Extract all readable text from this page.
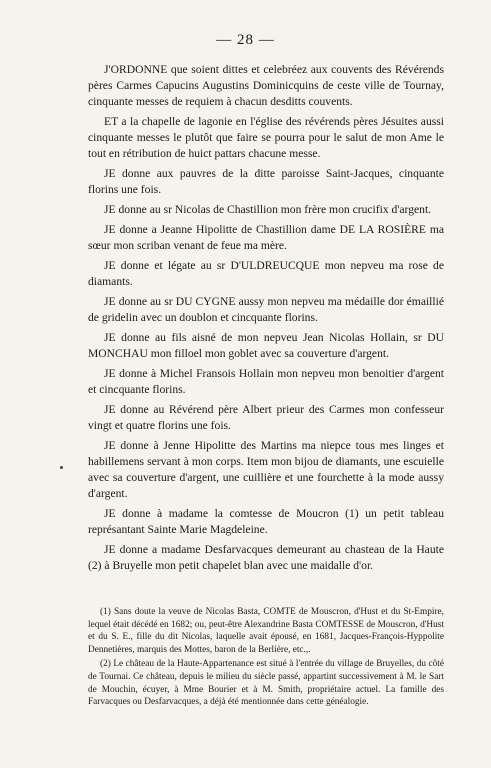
— 28 —

J'ORDONNE que soient dittes et celebréez aux couvents des Révérends pères Carmes Capucins Augustins Dominicquins de ceste ville de Tournay, cinquante messes de requiem à chacun desditts couvents.

ET a la chapelle de lagonie en l'église des révérends pères Jésuites aussi cinquante messes le plutôt que faire se pourra pour le salut de mon Ame le tout en rétribution de huict pattars chacune messe.

JE donne aux pauvres de la ditte paroisse Saint-Jacques, cinquante florins une fois.

JE donne au sr Nicolas de Chastillion mon frère mon crucifix d'argent.

JE donne a Jeanne Hipolitte de Chastillion dame DE LA ROSIÈRE ma sœur mon scriban venant de feue ma mère.

JE donne et légate au sr D'ULDREUCQUE mon nepveu ma rose de diamants.

JE donne au sr DU CYGNE aussy mon nepveu ma médaille dor émaillié de gridelin avec un doublon et cincquante florins.

JE donne au fils aisné de mon nepveu Jean Nicolas Hollain, sr DU MONCHAU mon filloel mon goblet avec sa couverture d'argent.

JE donne à Michel Fransois Hollain mon nepveu mon benoitier d'argent et cincquante florins.

JE donne au Révérend père Albert prieur des Carmes mon confesseur vingt et quatre florins une fois.

JE donne à Jenne Hipolitte des Martins ma niepce tous mes linges et habillemens servant à mon corps. Item mon bijou de diamants, une escuielle avec sa couverture d'argent, une cuillière et une fourchette à la mode aussy d'argent.

JE donne à madame la comtesse de Moucron (1) un petit tableau représantant Sainte Marie Magdeleine.

JE donne a madame Desfarvacques demeurant au chasteau de la Haute (2) à Bruyelle mon petit chapelet blan avec une maidalle d'or.

(1) Sans doute la veuve de Nicolas Basta, COMTE de Mouscron, d'Hust et du St-Empire, lequel était décédé en 1682; ou, peut-être Alexandrine Basta COMTESSE de Mouscron, d'Hust et du S. E., fille du dit Nicolas, laquelle avait épousé, en 1681, Jacques-François-Hyppolite Dennetières, marquis des Mottes, baron de la Berlière, etc.,.

(2) Le château de la Haute-Appartenance est situé à l'entrée du village de Bruyelles, du côté de Tournai. Ce château, depuis le milieu du siècle passé, appartint successivement à M. le Sart de Mouchin, écuyer, à Mme Bourier et à M. Smith, propriétaire actuel. La famille des Farvacques ou Desfarvacques, a déjà été mentionnée dans cette généalogie.
